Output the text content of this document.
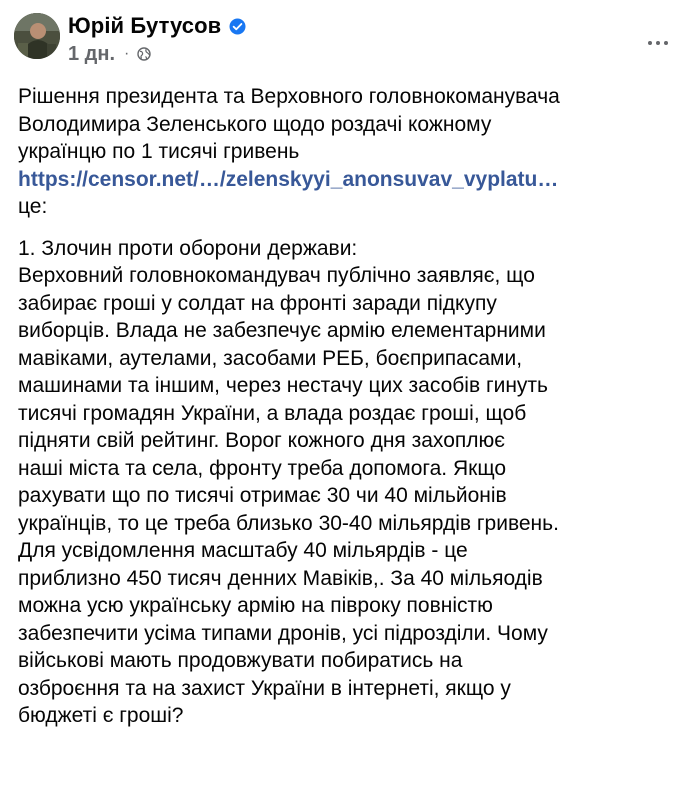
Юрій Бутусов
1 дн. ·
Рішення президента та Верховного головнокоманувача
Володимира Зеленського щодо роздачі кожному
українцю по 1 тисячі гривень
https://censor.net/…/zelenskyyi_anonsuvav_vyplatu…
це:
1. Злочин проти оборони держави:
Верховний головнокомандувач публічно заявляє, що
забирає гроші у солдат на фронті заради підкупу
виборців. Влада не забезпечує армію елементарними
мавіками, аутелами, засобами РЕБ, боєприпасами,
машинами та іншим, через нестачу цих засобів гинуть
тисячі громадян України, а влада роздає гроші, щоб
підняти свій рейтинг. Ворог кожного дня захоплює
наші міста та села, фронту треба допомога. Якщо
рахувати що по тисячі отримає 30 чи 40 мільйонів
українців, то це треба близько 30-40 мільярдів гривень.
Для усвідомлення масштабу 40 мільярдів - це
приблизно 450 тисяч денних Мавіків,. За 40 мільяодів
можна усю українську армію на півроку повністю
забезпечити усіма типами дронів, усі підрозділи. Чому
військові мають продовжувати побиратись на
озброєння та на захист України в інтернеті, якщо у
бюджеті є гроші?
